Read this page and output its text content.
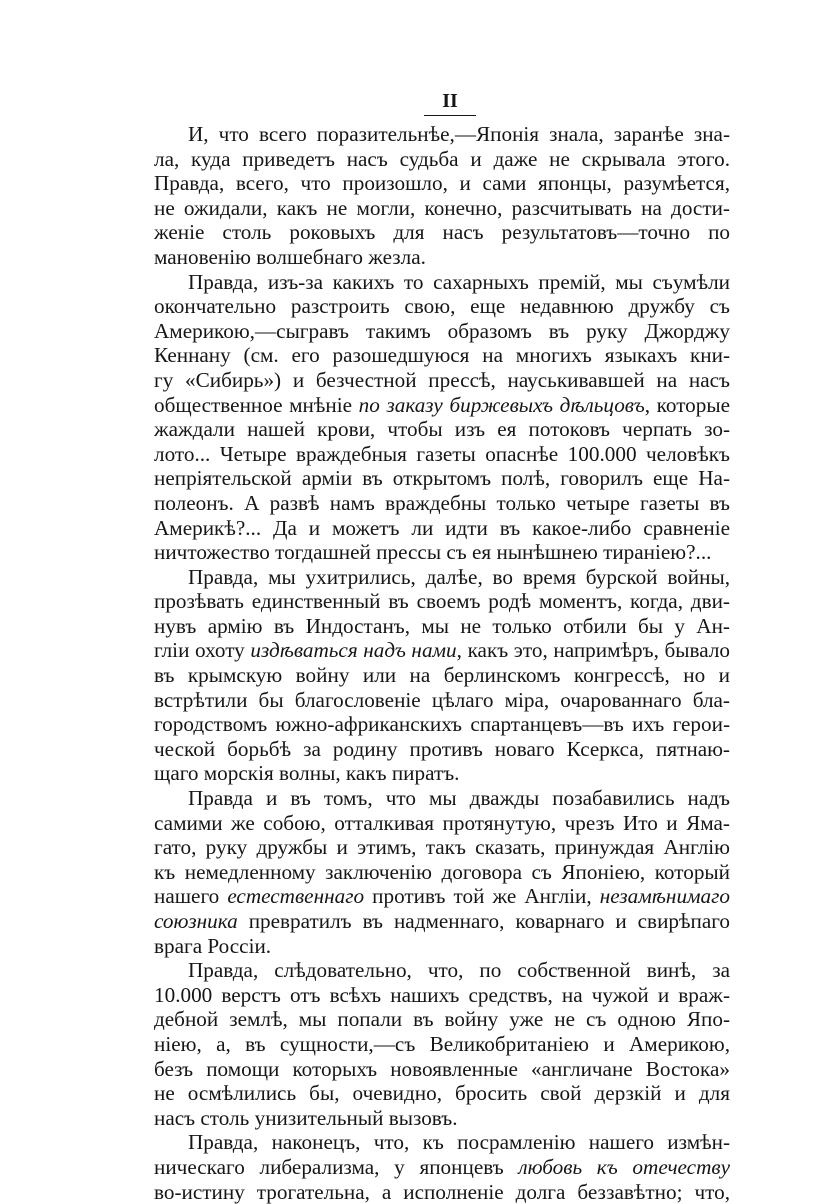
II
И, что всего поразительнѣе,—Японія знала, заранѣе зна-
ла, куда приведетъ насъ судьба и даже не скрывала этого.
Правда, всего, что произошло, и сами японцы, разумѣется,
не ожидали, какъ не могли, конечно, разсчитывать на дости-
женіе столь роковыхъ для насъ результатовъ—точно по
мановенію волшебнаго жезла.
Правда, изъ-за какихъ то сахарныхъ премій, мы съумѣли
окончательно разстроить свою, еще недавнюю дружбу съ
Америкою,—сыгравъ такимъ образомъ въ руку Джорджу
Кеннану (см. его разошедшуюся на многихъ языкахъ кни-
гу «Сибирь») и безчестной прессѣ, науськивавшей на насъ
общественное мнѣніе по заказу биржевыхъ дѣльцовъ, которые
жаждали нашей крови, чтобы изъ ея потоковъ черпать зо-
лото... Четыре враждебныя газеты опаснѣе 100.000 человѣкъ
непріятельской арміи въ открытомъ полѣ, говорилъ еще На-
полеонъ. А развѣ намъ враждебны только четыре газеты въ
Америкѣ?... Да и можетъ ли идти въ какое-либо сравненіе
ничтожество тогдашней прессы съ ея нынѣшнею тираніею?...
Правда, мы ухитрились, далѣе, во время бурской войны,
прозѣвать единственный въ своемъ родѣ моментъ, когда, дви-
нувъ армію въ Индостанъ, мы не только отбили бы у Ан-
гліи охоту издѣваться надъ нами, какъ это, напримѣръ, бывало
въ крымскую войну или на берлинскомъ конгрессѣ, но и
встрѣтили бы благословеніе цѣлаго міра, очарованнаго бла-
городствомъ южно-африканскихъ спартанцевъ—въ ихъ герои-
ческой борьбѣ за родину противъ новаго Ксеркса, пятнаю-
щаго морскія волны, какъ пиратъ.
Правда и въ томъ, что мы дважды позабавились надъ
самими же собою, отталкивая протянутую, чрезъ Ито и Яма-
гато, руку дружбы и этимъ, такъ сказать, принуждая Англію
къ немедленному заключенію договора съ Японіею, который
нашего естественнаго противъ той же Англіи, незамѣнимаго
союзника превратилъ въ надменнаго, коварнаго и свирѣпаго
врага Россіи.
Правда, слѣдовательно, что, по собственной винѣ, за
10.000 верстъ отъ всѣхъ нашихъ средствъ, на чужой и враж-
дебной землѣ, мы попали въ войну уже не съ одною Япо-
ніею, а, въ сущности,—съ Великобританіею и Америкою,
безъ помощи которыхъ новоявленные «англичане Востока»
не осмѣлились бы, очевидно, бросить свой дерзкій и для
насъ столь унизительный вызовъ.
Правда, наконецъ, что, къ посрамленію нашего измѣн-
ническаго либерализма, у японцевъ любовь къ отечеству
во-истину трогательна, а исполненіе долга беззавѣтно; что,
